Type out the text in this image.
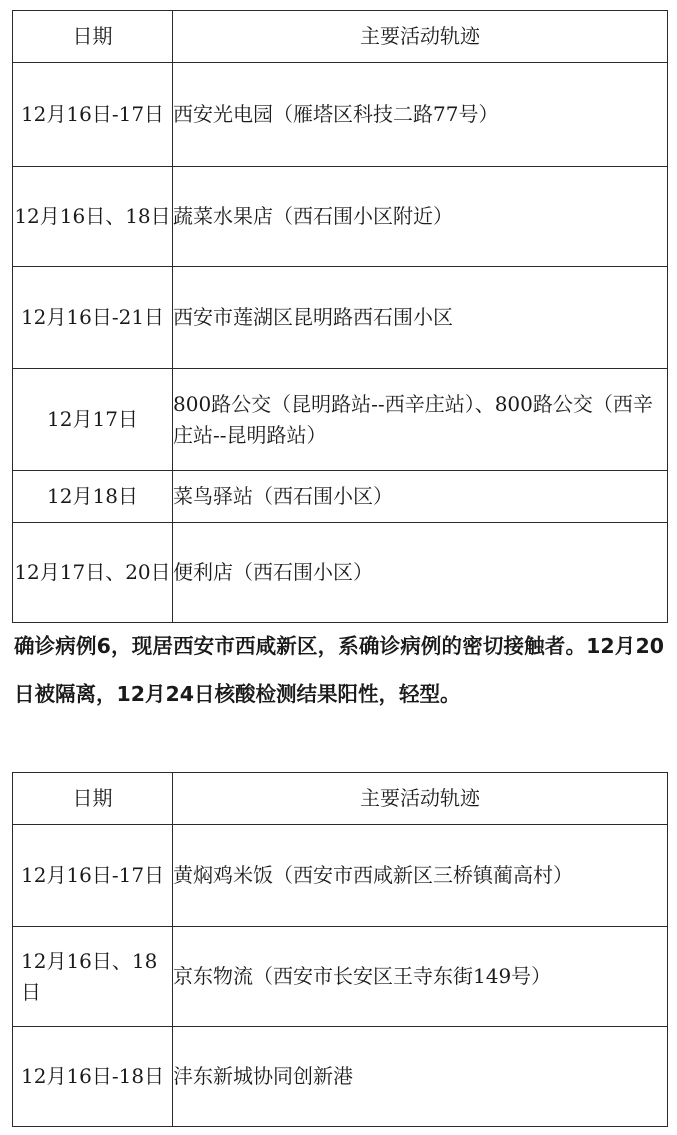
日期	主要活动轨迹
12月16日-17日	西安光电园（雁塔区科技二路77号）
12月16日、18日	蔬菜水果店（西石围小区附近）
12月16日-21日	西安市莲湖区昆明路西石围小区
12月17日	800路公交（昆明路站--西辛庄站）、800路公交（西辛庄站--昆明路站）
12月18日	菜鸟驿站（西石围小区）
12月17日、20日	便利店（西石围小区）
确诊病例6，现居西安市西咸新区，系确诊病例的密切接触者。12月20日被隔离，12月24日核酸检测结果阳性，轻型。
日期	主要活动轨迹
12月16日-17日	黄焖鸡米饭（西安市西咸新区三桥镇蔺高村）
12月16日、18日	京东物流（西安市长安区王寺东街149号）
12月16日-18日	沣东新城协同创新港
